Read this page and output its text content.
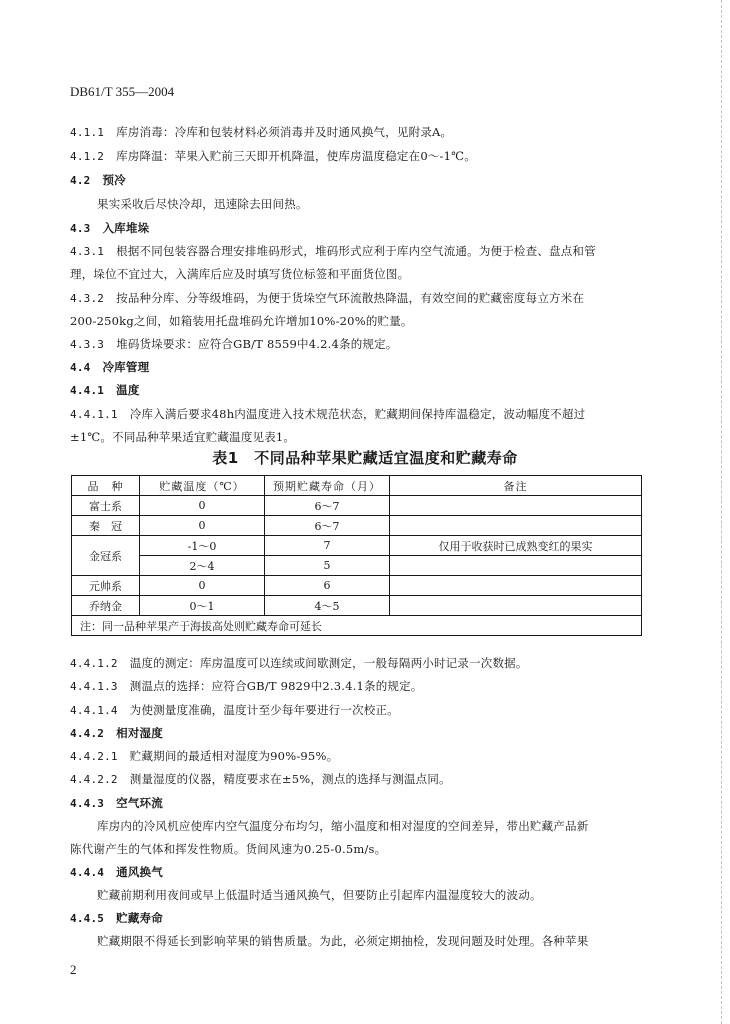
DB61/T 355—2004
4.1.1 库房消毒：冷库和包装材料必须消毒并及时通风换气，见附录A。
4.1.2 库房降温：苹果入贮前三天即开机降温，使库房温度稳定在0～-1℃。
4.2 预冷
果实采收后尽快冷却，迅速除去田间热。
4.3 入库堆垛
4.3.1 根据不同包装容器合理安排堆码形式，堆码形式应利于库内空气流通。为便于检查、盘点和管
理，垛位不宜过大，入满库后应及时填写货位标签和平面货位图。
4.3.2 按品种分库、分等级堆码，为便于货垛空气环流散热降温，有效空间的贮藏密度每立方米在
200-250kg之间，如箱装用托盘堆码允许增加10%-20%的贮量。
4.3.3 堆码货垛要求：应符合GB/T 8559中4.2.4条的规定。
4.4 冷库管理
4.4.1 温度
4.4.1.1 冷库入满后要求48h内温度进入技术规范状态，贮藏期间保持库温稳定，波动幅度不超过
±1℃。不同品种苹果适宜贮藏温度见表1。
表1　不同品种苹果贮藏适宜温度和贮藏寿命
品　种	贮藏温度（℃）	预期贮藏寿命（月）	备注
富士系	0	6～7	
秦　冠	0	6～7	
金冠系	-1～0	7	仅用于收获时已成熟变红的果实
	2～4	5	
元帅系	0	6	
乔纳金	0～1	4～5	
注：同一品种苹果产于海拔高处则贮藏寿命可延长			
4.4.1.2 温度的测定：库房温度可以连续或间歇测定，一般每隔两小时记录一次数据。
4.4.1.3 测温点的选择：应符合GB/T 9829中2.3.4.1条的规定。
4.4.1.4 为使测量度准确，温度计至少每年要进行一次校正。
4.4.2 相对湿度
4.4.2.1 贮藏期间的最适相对湿度为90%-95%。
4.4.2.2 测量湿度的仪器，精度要求在±5%，测点的选择与测温点同。
4.4.3 空气环流
库房内的冷风机应使库内空气温度分布均匀，缩小温度和相对湿度的空间差异，带出贮藏产品新
陈代谢产生的气体和挥发性物质。货间风速为0.25-0.5m/s。
4.4.4 通风换气
贮藏前期利用夜间或早上低温时适当通风换气，但要防止引起库内温湿度较大的波动。
4.4.5 贮藏寿命
贮藏期限不得延长到影响苹果的销售质量。为此，必须定期抽检，发现问题及时处理。各种苹果
2
